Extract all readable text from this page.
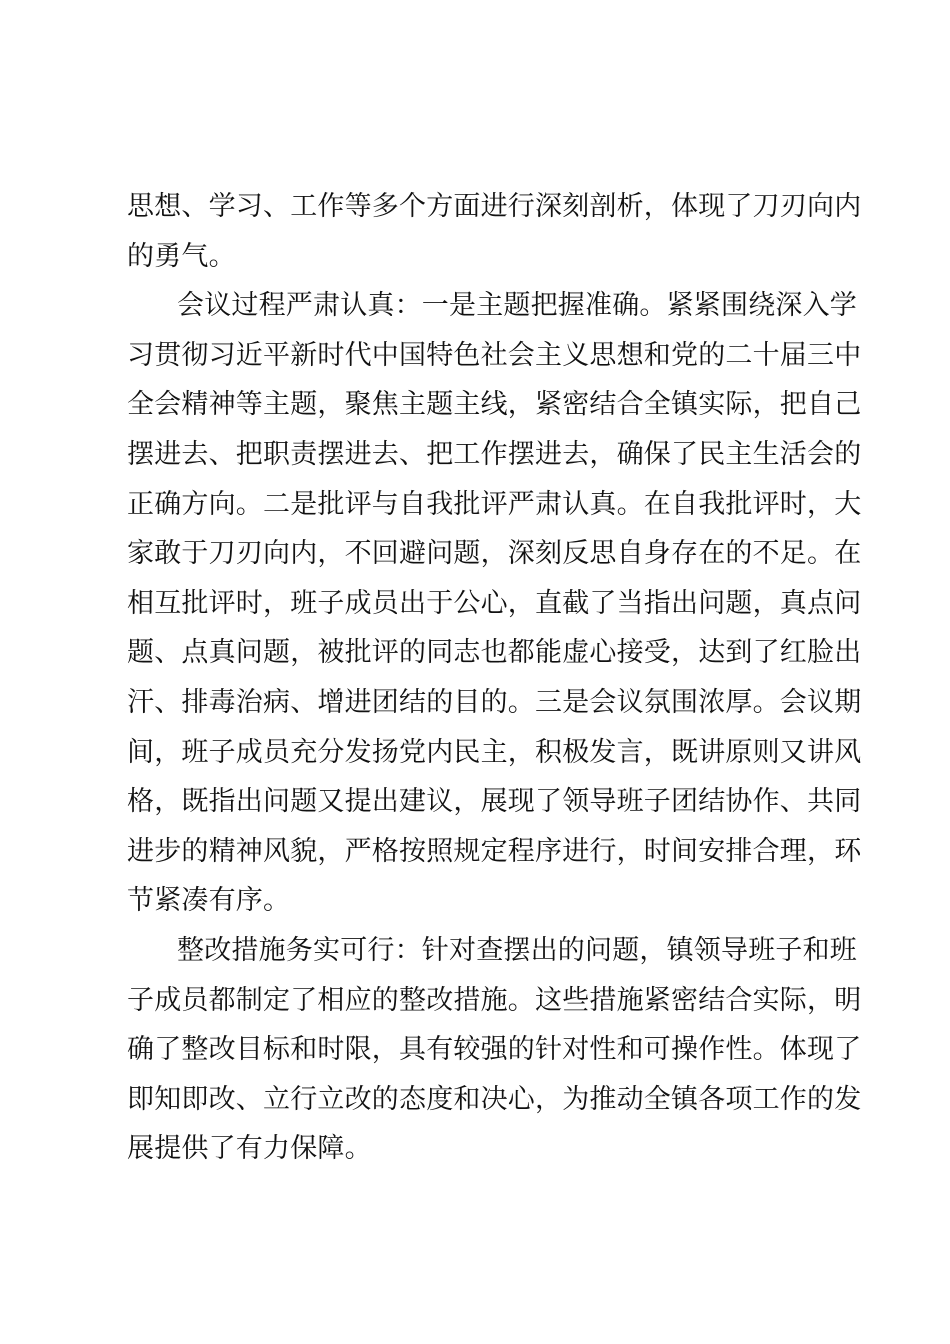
思想、学习、工作等多个方面进行深刻剖析，体现了刀刃向内
的勇气。
会议过程严肃认真：一是主题把握准确。紧紧围绕深入学
习贯彻习近平新时代中国特色社会主义思想和党的二十届三中
全会精神等主题，聚焦主题主线，紧密结合全镇实际，把自己
摆进去、把职责摆进去、把工作摆进去，确保了民主生活会的
正确方向。二是批评与自我批评严肃认真。在自我批评时，大
家敢于刀刃向内，不回避问题，深刻反思自身存在的不足。在
相互批评时，班子成员出于公心，直截了当指出问题，真点问
题、点真问题，被批评的同志也都能虚心接受，达到了红脸出
汗、排毒治病、增进团结的目的。三是会议氛围浓厚。会议期
间，班子成员充分发扬党内民主，积极发言，既讲原则又讲风
格，既指出问题又提出建议，展现了领导班子团结协作、共同
进步的精神风貌，严格按照规定程序进行，时间安排合理，环
节紧凑有序。
整改措施务实可行：针对查摆出的问题，镇领导班子和班
子成员都制定了相应的整改措施。这些措施紧密结合实际，明
确了整改目标和时限，具有较强的针对性和可操作性。体现了
即知即改、立行立改的态度和决心，为推动全镇各项工作的发
展提供了有力保障。
